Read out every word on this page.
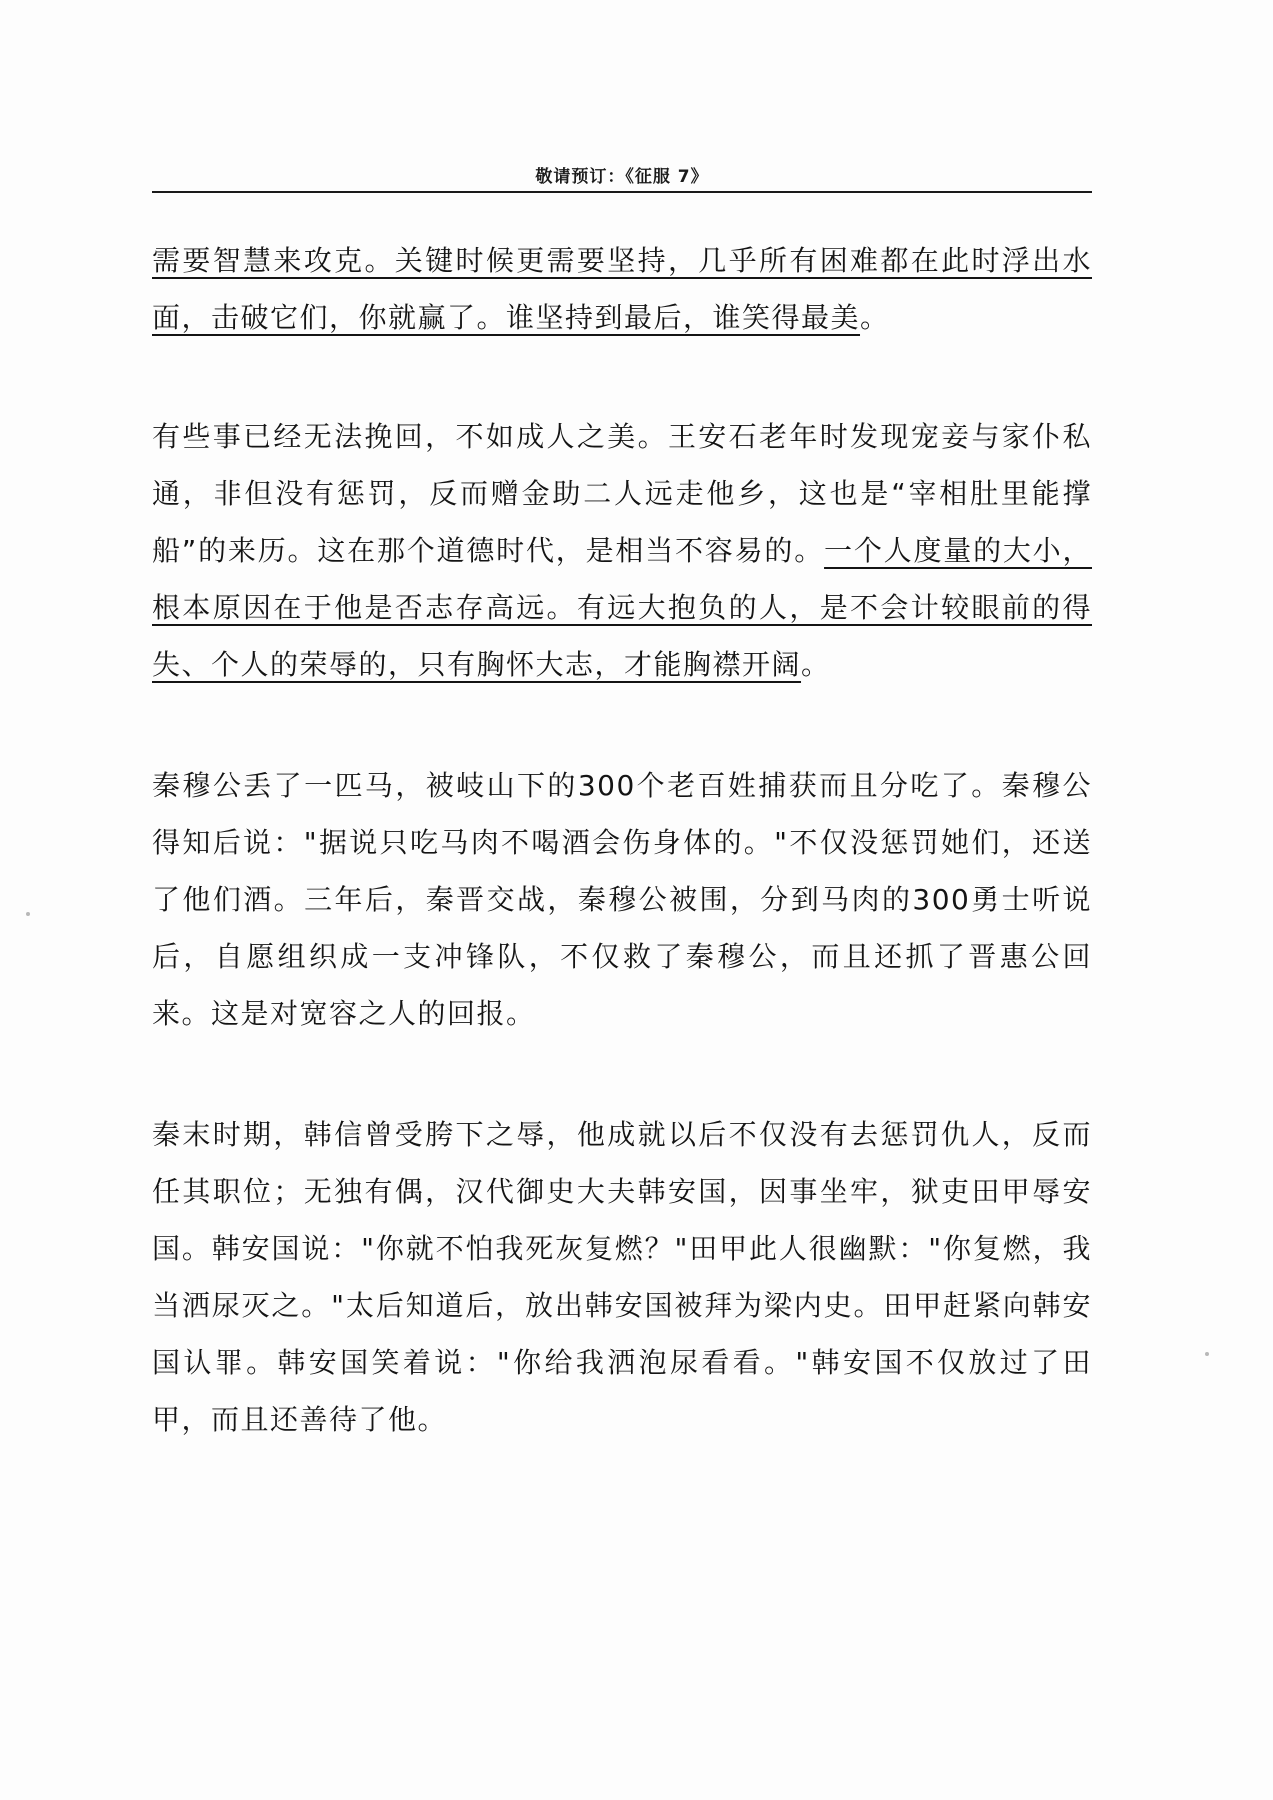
敬请预订：《征服 7》

需要智慧来攻克。关键时候更需要坚持，几乎所有困难都在此时浮出水面，击破它们，你就赢了。谁坚持到最后，谁笑得最美。

有些事已经无法挽回，不如成人之美。王安石老年时发现宠妾与家仆私通，非但没有惩罚，反而赠金助二人远走他乡，这也是“宰相肚里能撑船”的来历。这在那个道德时代，是相当不容易的。一个人度量的大小，根本原因在于他是否志存高远。有远大抱负的人，是不会计较眼前的得失、个人的荣辱的，只有胸怀大志，才能胸襟开阔。

秦穆公丢了一匹马，被岐山下的300个老百姓捕获而且分吃了。秦穆公得知后说："据说只吃马肉不喝酒会伤身体的。"不仅没惩罚她们，还送了他们酒。三年后，秦晋交战，秦穆公被围，分到马肉的300勇士听说后，自愿组织成一支冲锋队，不仅救了秦穆公，而且还抓了晋惠公回来。这是对宽容之人的回报。

秦末时期，韩信曾受胯下之辱，他成就以后不仅没有去惩罚仇人，反而任其职位；无独有偶，汉代御史大夫韩安国，因事坐牢，狱吏田甲辱安国。韩安国说："你就不怕我死灰复燃？"田甲此人很幽默："你复燃，我当洒尿灭之。"太后知道后，放出韩安国被拜为梁内史。田甲赶紧向韩安国认罪。韩安国笑着说："你给我洒泡尿看看。"韩安国不仅放过了田甲，而且还善待了他。
